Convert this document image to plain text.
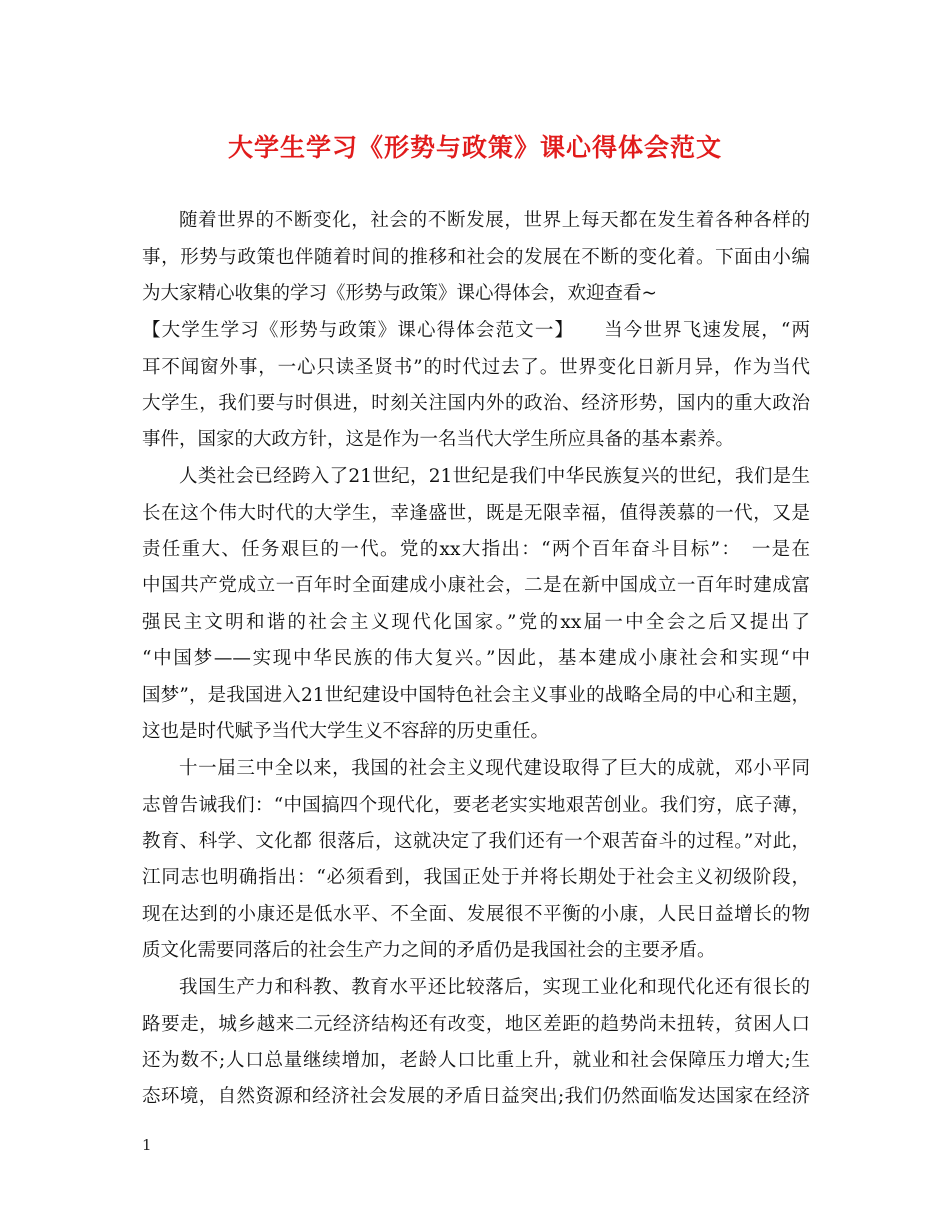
大学生学习《形势与政策》课心得体会范文
随着世界的不断变化，社会的不断发展，世界上每天都在发生着各种各样的
事，形势与政策也伴随着时间的推移和社会的发展在不断的变化着。下面由小编
为大家精心收集的学习《形势与政策》课心得体会，欢迎查看~
【大学生学习《形势与政策》课心得体会范文一】　　当今世界飞速发展，“两
耳不闻窗外事，一心只读圣贤书”的时代过去了。世界变化日新月异，作为当代
大学生，我们要与时俱进，时刻关注国内外的政治、经济形势，国内的重大政治
事件，国家的大政方针，这是作为一名当代大学生所应具备的基本素养。
人类社会已经跨入了21世纪，21世纪是我们中华民族复兴的世纪，我们是生
长在这个伟大时代的大学生，幸逢盛世，既是无限幸福，值得羡慕的一代，又是
责任重大、任务艰巨的一代。党的xx大指出：“两个百年奋斗目标”：　一是在
中国共产党成立一百年时全面建成小康社会，二是在新中国成立一百年时建成富
强民主文明和谐的社会主义现代化国家。”党的xx届一中全会之后又提出了
“中国梦——实现中华民族的伟大复兴。”因此，基本建成小康社会和实现“中
国梦”，是我国进入21世纪建设中国特色社会主义事业的战略全局的中心和主题，
这也是时代赋予当代大学生义不容辞的历史重任。
十一届三中全以来，我国的社会主义现代建设取得了巨大的成就，邓小平同
志曾告诫我们：“中国搞四个现代化，要老老实实地艰苦创业。我们穷，底子薄，
教育、科学、文化都 很落后，这就决定了我们还有一个艰苦奋斗的过程。”对此，
江同志也明确指出：“必须看到，我国正处于并将长期处于社会主义初级阶段，
现在达到的小康还是低水平、不全面、发展很不平衡的小康，人民日益增长的物
质文化需要同落后的社会生产力之间的矛盾仍是我国社会的主要矛盾。
我国生产力和科教、教育水平还比较落后，实现工业化和现代化还有很长的
路要走，城乡越来二元经济结构还有改变，地区差距的趋势尚未扭转，贫困人口
还为数不;人口总量继续增加，老龄人口比重上升，就业和社会保障压力增大;生
态环境，自然资源和经济社会发展的矛盾日益突出;我们仍然面临发达国家在经济
1
